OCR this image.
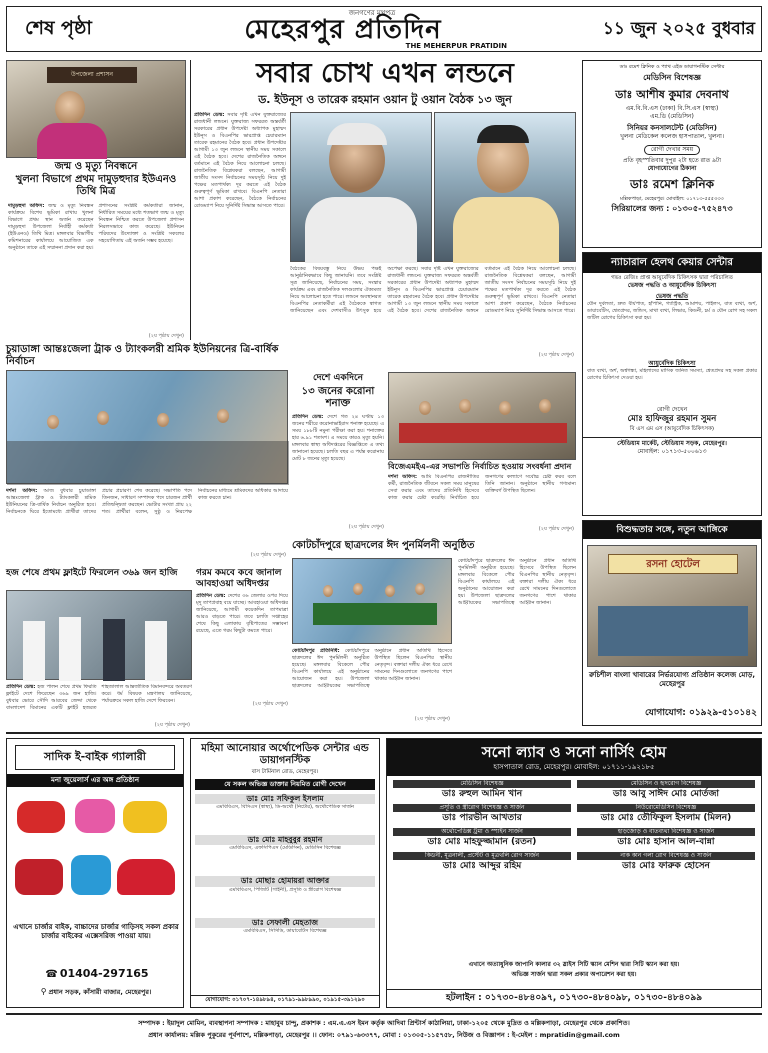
শেষ পৃষ্ঠা
জনগণের মুখপত্র
মেহেরপুর প্রতিদিন
THE MEHERPUR PRATIDIN
১১ জুন ২০২৫ বুধবার
উপজেলা প্রশাসন
জন্ম ও মৃত্যু নিবন্ধনে
খুলনা বিভাগে প্রথম দামুড়হুদার ইউএনও তিথি মিত্র
দামুড়হুদা অফিস: জন্ম ও মৃত্যু নিবন্ধন কার্যক্রমে বিশেষ ভূমিকা রাখায় খুলনা বিভাগে প্রথম স্থান অর্জন করেছেন দামুড়হুদা উপজেলা নির্বাহী কর্মকর্তা (ইউএনও) তিথি মিত্র। মঙ্গলবার বিভাগীয় কমিশনারের কার্যালয়ে আয়োজিত এক অনুষ্ঠানে তাকে এই সম্মাননা প্রদান করা হয়। প্রশাসনের সংশ্লিষ্ট কর্মকর্তারা জানান, নির্ধারিত সময়ের মধ্যে শতভাগ জন্ম ও মৃত্যু নিবন্ধন নিশ্চিত করতে উপজেলা প্রশাসন নিরলসভাবে কাজ করেছে। ইউনিয়ন পরিষদের উদ্যোক্তা ও সংশ্লিষ্ট সকলের সহযোগিতায় এই অর্জন সম্ভব হয়েছে।
(২য় পৃষ্ঠায় দেখুন)
সবার চোখ এখন লন্ডনে
ড. ইউনূস ও তারেক রহমান ওয়ান টু ওয়ান বৈঠক ১৩ জুন
প্রতিদিন ডেস্ক: সবার দৃষ্টি এখন যুক্তরাজ্যের রাজধানী লন্ডনে। যুক্তরাজ্য সফররত অন্তর্বর্তী সরকারের প্রধান উপদেষ্টা অধ্যাপক মুহাম্মদ ইউনূস ও বিএনপির ভারপ্রাপ্ত চেয়ারম্যান তারেক রহমানের বৈঠক হবে। প্রধান উপদেষ্টার আগামী ১৩ জুন লন্ডনে স্থানীয় সময় সকালে এই বৈঠক হবে। দেশের রাজনৈতিক অঙ্গনে বর্তমানে এই বৈঠক নিয়ে আলোচনা চলছে। রাজনৈতিক বিশ্লেষকরা বলছেন, আগামী জাতীয় সংসদ নির্বাচনের সময়সূচি নিয়ে দুই পক্ষের মতপার্থক্য দূর করতে এই বৈঠক গুরুত্বপূর্ণ ভূমিকা রাখবে। বিএনপি নেতারা আশা প্রকাশ করেছেন, বৈঠকে নির্বাচনের রোডম্যাপ নিয়ে সুনির্দিষ্ট সিদ্ধান্ত আসতে পারে।
বৈঠকের বিষয়বস্তু নিয়ে উভয় পক্ষই আনুষ্ঠানিকভাবে কিছু জানায়নি। তবে সংশ্লিষ্ট সূত্র জানিয়েছে, নির্বাচনের সময়, সংস্কার কার্যক্রম এবং রাজনৈতিক দলগুলোর ঐক্যমত্য নিয়ে আলোচনা হতে পারে। লন্ডনে অবস্থানরত বিএনপির নেতাকর্মীরা এই বৈঠককে স্বাগত জানিয়েছেন এবং দেশবাসীও উৎসুক হয়ে অপেক্ষা করছে। সবার দৃষ্টি এখন যুক্তরাজ্যের রাজধানী লন্ডনে। যুক্তরাজ্য সফররত অন্তর্বর্তী সরকারের প্রধান উপদেষ্টা অধ্যাপক মুহাম্মদ ইউনূস ও বিএনপির ভারপ্রাপ্ত চেয়ারম্যান তারেক রহমানের বৈঠক হবে। প্রধান উপদেষ্টার আগামী ১৩ জুন লন্ডনে স্থানীয় সময় সকালে এই বৈঠক হবে। দেশের রাজনৈতিক অঙ্গনে বর্তমানে এই বৈঠক নিয়ে আলোচনা চলছে। রাজনৈতিক বিশ্লেষকরা বলছেন, আগামী জাতীয় সংসদ নির্বাচনের সময়সূচি নিয়ে দুই পক্ষের মতপার্থক্য দূর করতে এই বৈঠক গুরুত্বপূর্ণ ভূমিকা রাখবে। বিএনপি নেতারা আশা প্রকাশ করেছেন, বৈঠকে নির্বাচনের রোডম্যাপ নিয়ে সুনির্দিষ্ট সিদ্ধান্ত আসতে পারে।
(২য় পৃষ্ঠায় দেখুন)
ডাঃ রমেশ ক্লিনিক ও প্যাথ এইড ডায়াগনস্টিক সেন্টার
মেডিসিন বিশেষজ্ঞ
ডাঃ আশীষ কুমার দেবনাথ
এম.বি.বি.এস (ঢাকা) বি.সি.এস (স্বাস্থ্য)
এম.ডি (মেডিসিন)
সিনিয়র কনসালটেন্ট (মেডিসিন)
খুলনা মেডিকেল কলেজ হাসপাতাল, খুলনা।
রোগী দেখার সময়
প্রতি বৃহস্পতিবার দুপুর ২টা হতে রাত ৯টা
যোগাযোগের ঠিকানা
ডাঃ রমেশ ক্লিনিক
মল্লিকপাড়া, মেহেরপুর। মোবাইল: ০১৭১৩-৫৫৫৩৩৩
সিরিয়ালের জন্য : ০১৩০৫-৭৫২৪৭৩
চুয়াডাঙ্গা আন্তঃজেলা ট্রাক ও ট্যাংকলরী শ্রমিক ইউনিয়নের ত্রি-বার্ষিক নির্বাচন
দর্শনা অফিস: আজ বুধবার চুয়াডাঙ্গা আন্তঃজেলা ট্রাক ও ট্যাংকলরী শ্রমিক ইউনিয়নের ত্রি-বার্ষিক নির্বাচন অনুষ্ঠিত হবে। নির্বাচনকে ঘিরে ইতোমধ্যে প্রার্থীরা তাদের প্রচার প্রচারণা শেষ করেছে। সভাপতি পদে তিনজন, সাধারণ সম্পাদক পদে চারজন প্রার্থী প্রতিদ্বন্দ্বিতা করছেন। ভোটার সংখ্যা প্রায় ২২ শত। প্রার্থীরা বলেন, সুষ্ঠু ও নিরপেক্ষ নির্বাচনের মাধ্যমে শ্রমিকদের অধিকার আদায়ে কাজ করতে চান।
(২য় পৃষ্ঠায় দেখুন)
দেশে একদিনে
১৩ জনের করোনা শনাক্ত
প্রতিদিন ডেস্ক: দেশে গত ২৪ ঘণ্টায় ১৩ জনের শরীরে করোনাভাইরাস শনাক্ত হয়েছে। এ সময় ১৮৮টি নমুনা পরীক্ষা করা হয়। শনাক্তের হার ৬.৯১ শতাংশ। এ সময়ে কারও মৃত্যু হয়নি। মঙ্গলবার স্বাস্থ্য অধিদপ্তরের বিজ্ঞপ্তিতে এ তথ্য জানানো হয়েছে। চলতি বছর এ পর্যন্ত করোনায় মোট ৮ জনের মৃত্যু হয়েছে।
(২য় পৃষ্ঠায় দেখুন)
বিজেএমইএ-এর সভাপতি নির্বাচিত হওয়ায় সংবর্ধনা প্রদান
দর্শনা অফিস: আমি বিএনপির রাজনীতির কর্মী, রাজনৈতিক জীবনে সকল সময় মানুষের সেবা করার এবং তাদের প্রতিনিধি হিসেবে কাজ করার চেষ্টা করেছি। নির্বাচিত হয়ে জনগণের কল্যাণে সর্বোচ্চ চেষ্টা করব বলে তিনি জানান। অনুষ্ঠানে স্থানীয় গণ্যমান্য ব্যক্তিবর্গ উপস্থিত ছিলেন।
(২য় পৃষ্ঠায় দেখুন)
ন্যাচারাল হেলথ কেয়ার সেন্টার
গভঃ রেজিঃ প্রাপ্ত আয়ুর্বেদিক চিকিৎসক দ্বারা পরিচালিত
ভেষজ পদ্ধতি ও আয়ুর্বেদিক চিকিৎসা
ভেষজ পদ্ধতি
যৌন দুর্বলতা, দ্রুত বীর্যপাত, হাঁপানি, গ্যাস্ট্রিক, আমাশয়, পাইলস, বাত ব্যথা, অর্শ, ডায়াবেটিস, শ্বেতপ্রদর, জন্ডিস, মাথা ব্যথা, লিভার, কিডনী, চর্ম ও যৌন রোগ সহ সকল জটিল রোগের চিকিৎসা করা হয়।
আয়ুর্বেদিক চিকিৎসা
বাত ব্যথা, অর্শ, অর্শ্বগন্ধা, মহিলাদের মাসিক জনিত সমস্যা, শ্বেতপ্রদর সহ সকল প্রকার রোগের চিকিৎসা দেওয়া হয়।
রোগী দেখেন
মোঃ হাফিজুর রহমান সুমন
বি এস এম এস (আয়ুর্বেদিক চিকিৎসক)
স্টেডিয়াম মার্কেট, স্টেডিয়াম সড়ক, মেহেরপুর।
মোবাইল: ০১৭১৩-৫০০৬১৩
হজ শেষে প্রথম ফ্লাইটে ফিরলেন ৩৬৯ জন হাজি
প্রতিদিন ডেস্ক: হজ পালন শেষে প্রথম ফিরতি ফ্লাইটে দেশে ফিরেছেন ৩৬৯ জন হাজি। বুধবার ভোরে সৌদি আরবের জেদ্দা থেকে বাংলাদেশ বিমানের একটি ফ্লাইট হজরত শাহজালাল আন্তর্জাতিক বিমানবন্দরে অবতরণ করে। ধর্ম বিষয়ক মন্ত্রণালয় জানিয়েছে, পর্যায়ক্রমে সকল হাজি দেশে ফিরবেন।
(২য় পৃষ্ঠায় দেখুন)
গরম কমবে কবে জানাল আবহাওয়া অধিদপ্তর
প্রতিদিন ডেস্ক: দেশের ৩৬ জেলার ওপর দিয়ে মৃদু তাপপ্রবাহ বয়ে যাচ্ছে। আবহাওয়া অধিদপ্তর জানিয়েছে, আগামী কয়েকদিন তাপমাত্রা আরও বাড়তে পারে। তবে চলতি সপ্তাহের শেষে কিছু এলাকায় বৃষ্টিপাতের সম্ভাবনা রয়েছে, এতে গরম কিছুটা কমতে পারে।
(২য় পৃষ্ঠায় দেখুন)
কোটচাঁদপুরে ছাত্রদলের ঈদ পুনর্মিলনী অনুষ্ঠিত
কোটচাঁদপুরে ছাত্রদলের ঈদ পুনর্মিলনী অনুষ্ঠিত হয়েছে। মঙ্গলবার বিকেলে পৌর বিএনপি কার্যালয়ে এই অনুষ্ঠানের আয়োজন করা হয়। উপজেলা ছাত্রদলের আহ্বায়কের সভাপতিত্বে অনুষ্ঠানে প্রধান অতিথি হিসেবে উপস্থিত ছিলেন বিএনপির স্থানীয় নেতৃবৃন্দ। বক্তারা দলীয় ঐক্য ধরে রেখে সামনের দিনগুলোতে জনগণের পাশে থাকার আহ্বান জানান।
কোটচাঁদপুর প্রতিনিধি: কোটচাঁদপুরে ছাত্রদলের ঈদ পুনর্মিলনী অনুষ্ঠিত হয়েছে। মঙ্গলবার বিকেলে পৌর বিএনপি কার্যালয়ে এই অনুষ্ঠানের আয়োজন করা হয়। উপজেলা ছাত্রদলের আহ্বায়কের সভাপতিত্বে অনুষ্ঠানে প্রধান অতিথি হিসেবে উপস্থিত ছিলেন বিএনপির স্থানীয় নেতৃবৃন্দ। বক্তারা দলীয় ঐক্য ধরে রেখে সামনের দিনগুলোতে জনগণের পাশে থাকার আহ্বান জানান।
(২য় পৃষ্ঠায় দেখুন)
বিশুদ্ধতার সঙ্গে, নতুন আঙ্গিকে
রসনা হোটেল
রুচিশীল বাংলা খাবারের নির্ভরযোগ্য প্রতিষ্ঠান কলেজ মোড়, মেহেরপুর
যোগাযোগ: ০১৯২৯-৫১০১৪২
সাদিক ই-বাইক গ্যালারী
মনা জুয়েলার্স এর অঙ্গ প্রতিষ্ঠান
এখানে চার্জার বাইক, বাচ্চাদের চার্জার গাড়িসহ সকল প্রকার চার্জার বাইকের এক্সেসরিজ পাওয়া যায়।
☎ 01404-297165
⚲ প্রধান সড়ক, কাঁসারী বাজার, মেহেরপুর।
মহিমা আনোয়ার অর্থোপেডিক সেন্টার এন্ড ডায়াগনস্টিক
বাস টার্মিনাল রোড, মেহেরপুর।
যে সকল অভিজ্ঞ ডাক্তার নিয়মিত রোগী দেখেন
ডাঃ মোঃ সফিকুল ইসলাম
এমবিবিএস, বিসিএস (স্বাস্থ্য), ডি-অর্থো (নিটোর), অর্থোপেডিক সার্জন
ডাঃ মোঃ মাহবুবুর রহমান
এমবিবিএস, এফসিপিএস (মেডিসিন), মেডিসিন বিশেষজ্ঞ
ডাঃ মোছাঃ হোমায়রা আক্তার
এমবিবিএস, পিজিটি (গাইনী), প্রসূতি ও স্ত্রীরোগ বিশেষজ্ঞ
ডাঃ সেফালী মেহতাজ
এমবিবিএস, সিসিডি, ডায়াবেটিস বিশেষজ্ঞ
যোগাযোগ: ০১৭০৭-১৪৯৮৯৪, ০১৭৯১-৯৯৮৯৯০, ০১৯১৫-৩৯১২৯০
সনো ল্যাব ও সনো নার্সিং হোম
হাসপাতাল রোড, মেহেরপুর। মোবাইল: ০১৭১১-১৯২১৮৫
মেডিসিন বিশেষজ্ঞ
ডাঃ রুহুল আমিন খান
মেডিসিন ও হৃদরোগ বিশেষজ্ঞ
ডাঃ আবু সাঈদ মোঃ মোর্তজা
প্রসূতি ও স্ত্রীরোগ বিশেষজ্ঞ ও সার্জন
ডাঃ পারভীন আখতার
নিউরোমেডিসিন বিশেষজ্ঞ
ডাঃ মোঃ তৌফিকুল ইসলাম (মিলন)
অর্থোপেডিক্স ট্রমা ও স্পাইন সার্জন
ডাঃ মোঃ মাহফুজ্জামান (রতন)
হাড়জোড় ও বাতব্যথা বিশেষজ্ঞ ও সার্জন
ডাঃ মোঃ হাসান আল-বান্না
কিডনী, মূত্রনালী, প্রস্টেট ও মূত্রথলি রোগ সার্জন
ডাঃ মোঃ আব্দুর রহিম
নাক কান গলা রোগ বিশেষজ্ঞ ও সার্জন
ডাঃ মোঃ ফারুক হোসেন
এখানে অত্যাধুনিক জাপানি কালার ৩২ স্লাইস সিটি স্ক্যান মেশিন দ্বারা সিটি স্ক্যান করা হয়।
অভিজ্ঞ সার্জন দ্বারা সকল প্রকার অপারেশন করা হয়।
হটলাইন : ০১৭৩০-৪৮৪০৯৭, ০১৭৩০-৪৮৪০৯৮, ০১৭৩০-৪৮৪০৯৯
সম্পাদক : ইয়াদুল মোমিন, ব্যবস্থাপনা সম্পাদক : মাহাবুব চান্দু, প্রকাশক : এম.এ.এস ইমন কর্তৃক আদিবা প্রিন্টার্স কাঠালিয়া, ঢাকা-১২০৫ থেকে মুদ্রিত ও মল্লিকপাড়া, মেহেরপুর থেকে প্রকাশিত।
প্রধান কার্যালয়: মল্লিক পুকুরের পূর্বপাশে, মল্লিকপাড়া, মেহেরপুর ।। ফোন: ০৭৯১-৬৩৩৭৭, মোবা : ০১৩০৫-১১৫৭৫৮, নিউজ ও বিজ্ঞাপন : ই-মেইল : mpratidin@gmail.com
